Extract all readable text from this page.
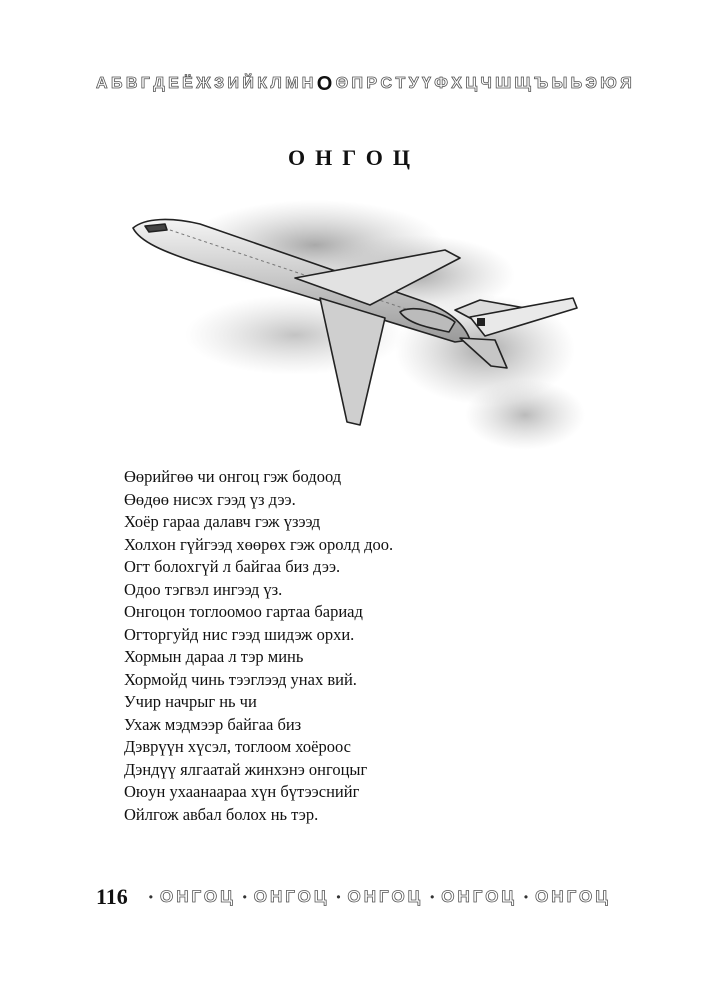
А Б В Г Д Е Ё Ж З И Й К Л М Н О Ө П Р С Т У Ү Ф Х Ц Ч Ш Щ Ъ Ы Ь Э Ю Я
ОНГОЦ
Өөрийгөө чи онгоц гэж бодоод
Өөдөө нисэх гээд үз дээ.
Хоёр гараа далавч гэж үзээд
Холхон гүйгээд хөөрөх гэж оролд доо.
Огт болохгүй л байгаа биз дээ.
Одоо тэгвэл ингээд үз.
Онгоцон тоглоомоо гартаа бариад
Огторгуйд нис гээд шидэж орхи.
Хормын дараа л тэр минь
Хормойд чинь тээглээд унах вий.
Учир начрыг нь чи
Ухаж мэдмээр байгаа биз
Дэврүүн хүсэл, тоглоом хоёроос
Дэндүү ялгаатай жинхэнэ онгоцыг
Оюун ухаанаараа хүн бүтээснийг
Ойлгож авбал болох нь тэр.
116 • ОНГОЦ • ОНГОЦ • ОНГОЦ • ОНГОЦ • ОНГОЦ
